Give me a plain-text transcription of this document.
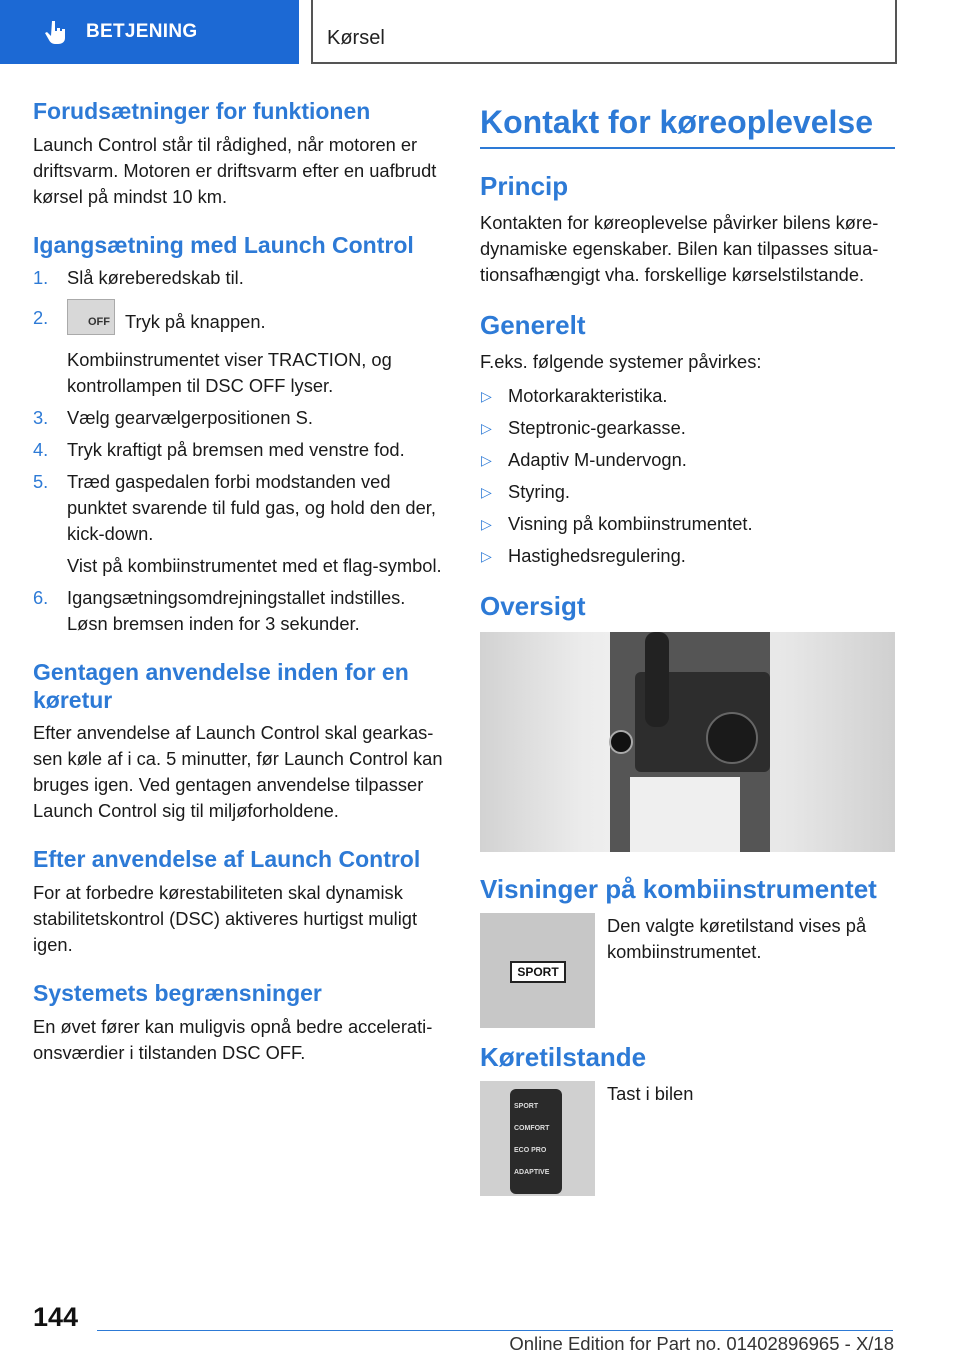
BETJENING	Kørsel
Forudsætninger for funktionen

Launch Control står til rådighed, når motoren er driftsvarm. Motoren er driftsvarm efter en uafbrudt kørsel på mindst 10 km.

Igangsætning med Launch Control
1. Slå køreberedskab til.
2.	OFF Tryk på knappen.
Kombiinstrumentet viser TRACTION, og kontrollampen til DSC OFF lyser.
3. Vælg gearvælgerpositionen S.
4. Tryk kraftigt på bremsen med venstre fod.
5. Træd gaspedalen forbi modstanden ved punktet svarende til fuld gas, og hold den der, kick-down.
Vist på kombiinstrumentet med et flag-symbol.
6. Igangsætningsomdrejningstallet indstilles. Løsn bremsen inden for 3 sekunder.
Gentagen anvendelse inden for en køretur

Efter anvendelse af Launch Control skal gearkassen køle af i ca. 5 minutter, før Launch Control kan bruges igen. Ved gentagen anvendelse tilpasser Launch Control sig til miljøforholdene.

Efter anvendelse af Launch Control

For at forbedre kørestabiliteten skal dynamisk stabilitetskontrol (DSC) aktiveres hurtigst muligt igen.

Systemets begrænsninger

En øvet fører kan muligvis opnå bedre accelerationsværdier i tilstanden DSC OFF.

Kontakt for køreoplevelse
Princip

Kontakten for køreoplevelse påvirker bilens køredynamiske egenskaber. Bilen kan tilpasses situationsafhængigt vha. forskellige kørselstilstande.

Generelt

F.eks. følgende systemer påvirkes:

▷ Motorkarakteristika.
▷ Steptronic-gearkasse.
▷ Adaptiv M-undervogn.
▷ Styring.
▷ Visning på kombiinstrumentet.
▷ Hastighedsregulering.
Oversigt
Visninger på kombiinstrumentet
SPORT

Den valgte køretilstand vises på kombiinstrumentet.

Køretilstande
SPORT
COMFORT
ECO PRO
ADAPTIVE

Tast i bilen

144
Online Edition for Part no. 01402896965 - X/18
